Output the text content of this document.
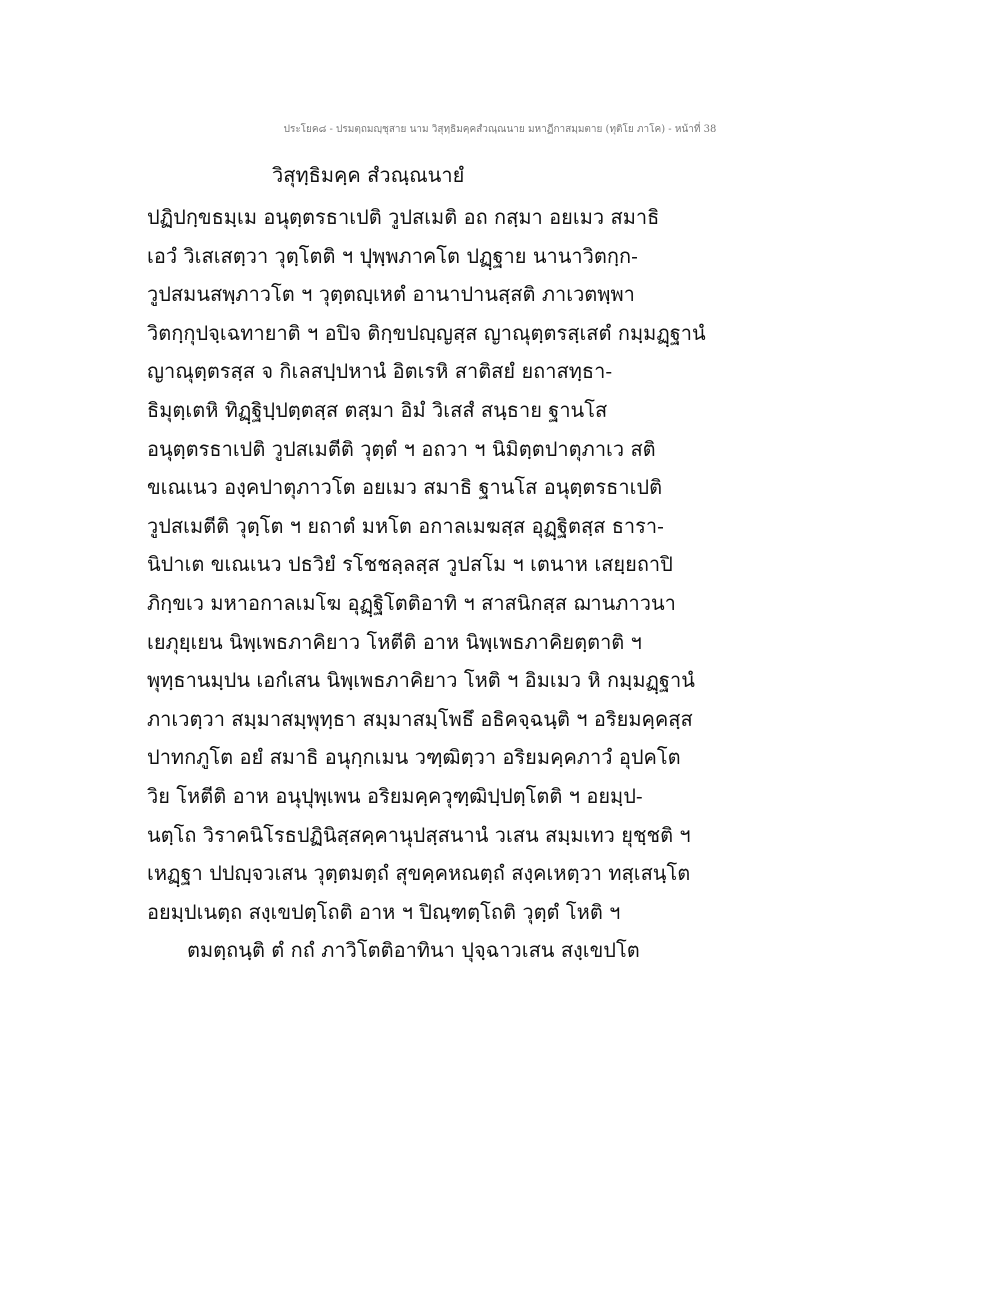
ประโยค๘ - ปรมตฺถมญฺชุสาย นาม วิสุทฺธิมคฺคสํวณฺณนาย มหาฏีกาสมฺมตาย (ทุติโย ภาโค) - หน้าที่ 38
วิสุทฺธิมคฺค สํวณฺณนายํ
ปฏิปกฺขธมฺเม อนุตฺตรธาเปติ วูปสเมติ อถ กสฺมา อยเมว สมาธิ
เอวํ วิเสเสตฺวา วุตฺโตติ ฯ ปุพฺพภาคโต ปฏฺฐาย นานาวิตกฺก-
วูปสมนสพฺภาวโต ฯ วุตฺตญฺเหตํ อานาปานสฺสติ ภาเวตพฺพา
วิตกฺกุปจฺเฉทายาติ ฯ อปิจ ติกฺขปญฺญสฺส ญาณุตฺตรสฺเสตํ กมฺมฏฺฐานํ
ญาณุตฺตรสฺส จ กิเลสปฺปหานํ อิตเรหิ สาติสยํ ยถาสทฺธา-
ธิมุตฺเตหิ ทิฏฺฐิปฺปตฺตสฺส ตสฺมา อิมํ วิเสสํ สนฺธาย ฐานโส
อนุตฺตรธาเปติ วูปสเมตีติ วุตฺตํ ฯ อถวา ฯ นิมิตฺตปาตุภาเว สติ
ขเณเนว องฺคปาตุภาวโต อยเมว สมาธิ ฐานโส อนุตฺตรธาเปติ
วูปสเมตีติ วุตฺโต ฯ ยถาตํ มหโต อกาลเมฆสฺส อุฏฺฐิตสฺส ธารา-
นิปาเต ขเณเนว ปธวิยํ รโชชลฺลสฺส วูปสโม ฯ เตนาห เสยฺยถาปิ
ภิกฺขเว มหาอกาลเมโฆ อุฏฺฐิโตติอาทิ ฯ สาสนิกสฺส ฌานภาวนา
เยภุยฺเยน นิพฺเพธภาคิยาว โหตีติ อาห นิพฺเพธภาคิยตฺตาติ ฯ
พุทฺธานมฺปน เอกํเสน นิพฺเพธภาคิยาว โหติ ฯ อิมเมว หิ กมฺมฏฺฐานํ
ภาเวตฺวา สมฺมาสมฺพุทฺธา สมฺมาสมฺโพธึ อธิคจฺฉนฺติ ฯ อริยมคฺคสฺส
ปาทกภูโต อยํ สมาธิ อนุกฺกเมน วฑฺฒิตฺวา อริยมคฺคภาวํ อุปคโต
วิย โหตีติ อาห อนุปุพฺเพน อริยมคฺควุฑฺฒิปฺปตฺโตติ ฯ อยมฺป-
นตฺโถ วิราคนิโรธปฏินิสฺสคฺคานุปสฺสนานํ วเสน สมฺมเทว ยุชฺชติ ฯ
เหฏฺฐา ปปญฺจวเสน วุตฺตมตฺถํ สุขคฺคหณตฺถํ สงฺคเหตฺวา ทสฺเสนฺโต
อยมฺปเนตฺถ สงฺเขปตฺโถติ อาห ฯ ปิณฺฑตฺโถติ วุตฺตํ โหติ ฯ
ตมตฺถนฺติ ตํ กถํ ภาวิโตติอาทินา ปุจฺฉาวเสน สงฺเขปโต
